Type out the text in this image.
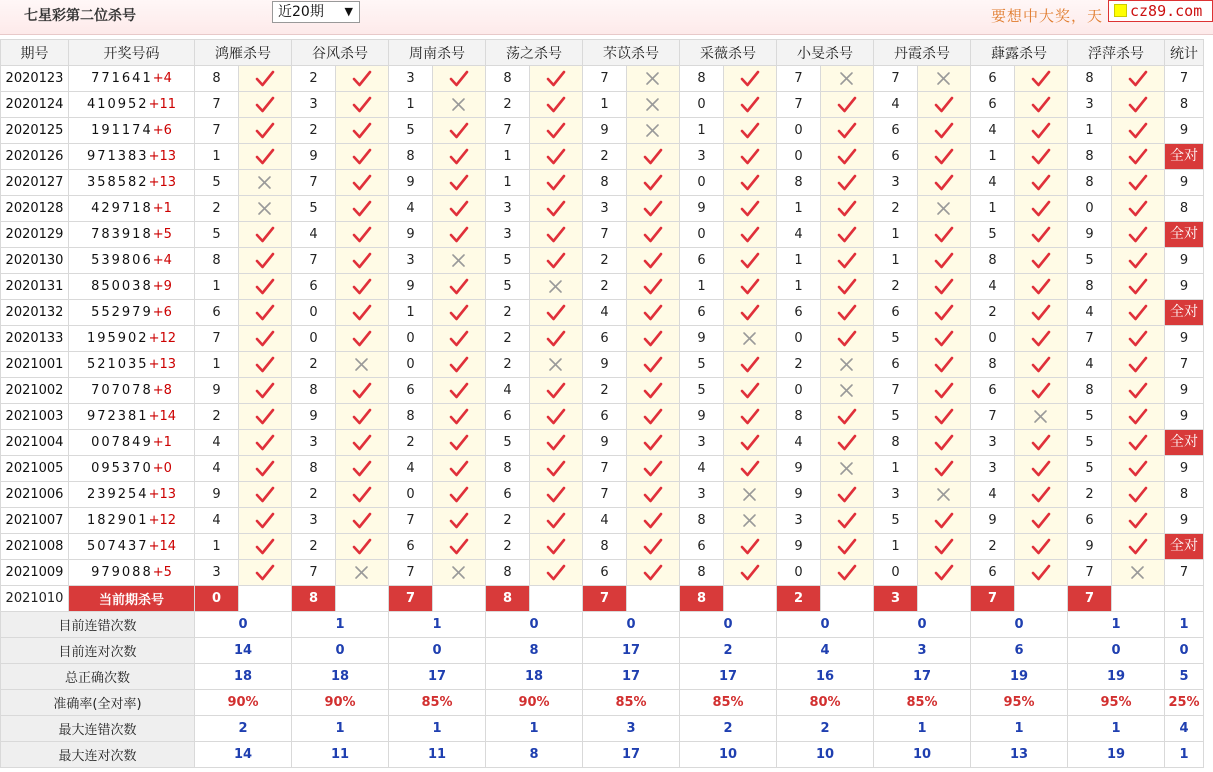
七星彩第二位杀号	近20期 ▼	要想中大奖，天	cz89.com
期号	开奖号码	鸿雁杀号		谷风杀号		周南杀号		荡之杀号		芣苡杀号		采薇杀号		小旻杀号		丹霞杀号		蕼露杀号		浮萍杀号		统计
2020123	771641+4	8		2		3		8		7		8		7		7		6		8		7
2020124	410952+11	7		3		1		2		1		0		7		4		6		3		8
2020125	191174+6	7		2		5		7		9		1		0		6		4		1		9
2020126	971383+13	1		9		8		1		2		3		0		6		1		8		全对

2020127	358582+13	5		7		9		1		8		0		8		3		4		8		9
2020128	429718+1	2		5		4		3		3		9		1		2		1		0		8
2020129	783918+5	5		4		9		3		7		0		4		1		5		9		全对

2020130	539806+4	8		7		3		5		2		6		1		1		8		5		9
2020131	850038+9	1		6		9		5		2		1		1		2		4		8		9
2020132	552979+6	6		0		1		2		4		6		6		6		2		4		全对

2020133	195902+12	7		0		0		2		6		9		0		5		0		7		9
2021001	521035+13	1		2		0		2		9		5		2		6		8		4		7
2021002	707078+8	9		8		6		4		2		5		0		7		6		8		9
2021003	972381+14	2		9		8		6		6		9		8		5		7		5		9
2021004	007849+1	4		3		2		5		9		3		4		8		3		5		全对

2021005	095370+0	4		8		4		8		7		4		9		1		3		5		9
2021006	239254+13	9		2		0		6		7		3		9		3		4		2		8
2021007	182901+12	4		3		7		2		4		8		3		5		9		6		9
2021008	507437+14	1		2		6		2		8		6		9		1		2		9		全对

2021009	979088+5	3		7		7		8		6		8		0		0		6		7		7
2021010	当前期杀号	0		8		7		8		7		8		2		3		7		7		
目前连错次数		0		1		1		0		0		0		0		0		0		1		1
目前连对次数		14		0		0		8		17		2		4		3		6		0		0
总正确次数		18		18		17		18		17		17		16		17		19		19		5
准确率(全对率)		90%		90%		85%		90%		85%		85%		80%		85%		95%		95%		25%
最大连错次数		2		1		1		1		3		2		2		1		1		1		4
最大连对次数		14		11		11		8		17		10		10		10		13		19		1
